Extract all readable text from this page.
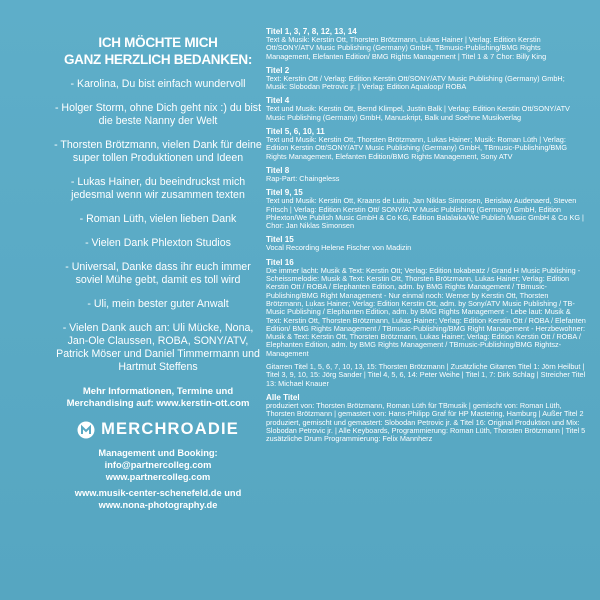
ICH MÖCHTE MICH
GANZ HERZLICH BEDANKEN:
- Karolina, Du bist einfach wundervoll
- Holger Storm, ohne Dich geht nix :) du bist die beste Nanny der Welt
- Thorsten Brötzmann, vielen Dank für deine super tollen Produktionen und Ideen
- Lukas Hainer, du beeindruckst mich jedesmal wenn wir zusammen texten
- Roman Lüth, vielen lieben Dank
- Vielen Dank Phlexton Studios
- Universal, Danke dass ihr euch immer soviel Mühe gebt, damit es toll wird
- Uli, mein bester guter Anwalt
- Vielen Dank auch an: Uli Mücke, Nona, Jan-Ole Claussen, ROBA, SONY/ATV, Patrick Möser und Daniel Timmermann und Hartmut Steffens
Mehr Informationen, Termine und Merchandising auf: www.kerstin-ott.com
MERCHROADIE
Management und Booking:
info@partnercolleg.com
www.partnercolleg.com
www.musik-center-schenefeld.de und
www.nona-photography.de
Titel 1, 3, 7, 8, 12, 13, 14
Text & Musik: Kerstin Ott, Thorsten Brötzmann, Lukas Hainer | Verlag: Edition Kerstin Ott/SONY/ATV Music Publishing (Germany) GmbH, TBmusic-Publishing/BMG Rights Management, Elefanten Edition/ BMG Rights Management | Titel 1 & 7 Chor: Billy King
Titel 2
Text: Kerstin Ott / Verlag: Edition Kerstin Ott/SONY/ATV Music Publishing (Germany) GmbH; Musik: Slobodan Petrovic jr. | Verlag: Edition Aqualoop/ ROBA
Titel 4
Text und Musik: Kerstin Ott, Bernd Klimpel, Justin Balk | Verlag: Edition Kerstin Ott/SONY/ATV Music Publishing (Germany) GmbH, Manuskript, Balk und Soehne Musikverlag
Titel 5, 6, 10, 11
Text und Musik: Kerstin Ott, Thorsten Brötzmann, Lukas Hainer; Musik: Roman Lüth | Verlag: Edition Kerstin Ott/SONY/ATV Music Publishing (Germany) GmbH, TBmusic-Publishing/BMG Rights Management, Elefanten Edition/BMG Rights Management, Sony ATV
Titel 8
Rap-Part: Chaingeless
Titel 9, 15
Text und Musik: Kerstin Ott, Kraans de Lutin, Jan Niklas Simonsen, Berislaw Audenaerd, Steven Fritsch | Verlag: Edition Kerstin Ott/ SONY/ATV Music Publishing (Germany) GmbH, Edition Phlexton/We Publish Music GmbH & Co KG, Edition Balalaika/We Publish Music GmbH & Co KG | Chor: Jan Niklas Simonsen
Titel 15
Vocal Recording Helene Fischer von Madizin
Titel 16
Die immer lacht: Musik & Text: Kerstin Ott; Verlag: Edition tokabeatz / Grand H Music Publishing - Scheissmelodie: Musik & Text: Kerstin Ott, Thorsten Brötzmann, Lukas Hainer; Verlag: Edition Kerstin Ott / ROBA / Elephanten Edition, adm. by BMG Rights Management / TBmusic-Publishing/BMG Right Management - Nur einmal noch: Werner by Kerstin Ott, Thorsten Brötzmann, Lukas Hainer; Verlag: Edition Kerstin Ott, adm. by Sony/ATV Music Publishing / TB-Music Publishing / Elephanten Edition, adm. by BMG Rights Management - Lebe laut: Musik & Text: Kerstin Ott, Thorsten Brötzmann, Lukas Hainer; Verlag: Edition Kerstin Ott / ROBA / Elefanten Edition/ BMG Rights Management / TBmusic-Publishing/BMG Right Management - Herzbewohner: Musik & Text: Kerstin Ott, Thorsten Brötzmann, Lukas Hainer; Verlag: Edition Kerstin Ott / ROBA / Elephanten Edition, adm. by BMG Rights Management / TBmusic-Publishing/BMG Rightsz-Management
Gitarren Titel 1, 5, 6, 7, 10, 13, 15: Thorsten Brötzmann | Zusätzliche Gitarren Titel 1: Jörn Heilbut | Titel 3, 9, 10, 15: Jörg Sander | Titel 4, 5, 6, 14: Peter Weihe | Titel 1, 7: Dirk Schlag | Streicher Titel 13: Michael Knauer
Alle Titel
produziert von: Thorsten Brötzmann, Roman Lüth für TBmusik | gemischt von: Roman Lüth, Thorsten Brötzmann | gemastert von: Hans-Philipp Graf für HP Mastering, Hamburg | Außer Titel 2 produziert, gemischt und gemastert: Slobodan Petrovic jr. & Titel 16: Original Produktion und Mix: Slobodan Petrovic jr. | Alle Keyboards, Programmierung: Roman Lüth, Thorsten Brötzmann | Titel 5 zusätzliche Drum Programmierung: Felix Mannherz
